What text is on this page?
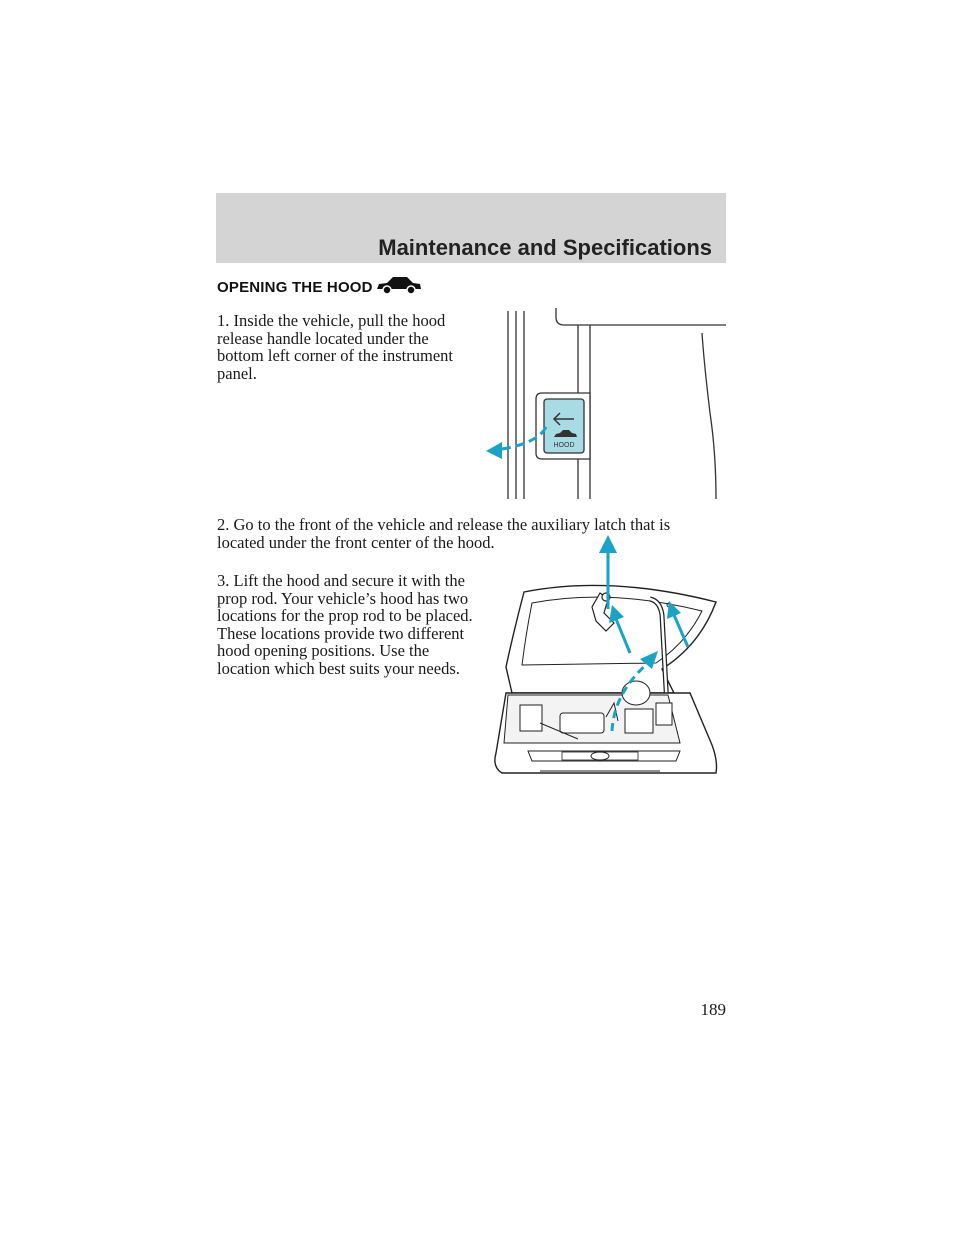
Maintenance and Specifications
OPENING THE HOOD

1. Inside the vehicle, pull the hood release handle located under the bottom left corner of the instrument panel.

HOOD

2. Go to the front of the vehicle and release the auxiliary latch that is located under the front center of the hood.

3. Lift the hood and secure it with the prop rod. Your vehicle’s hood has two locations for the prop rod to be placed. These locations provide two different hood opening positions. Use the location which best suits your needs.

189
